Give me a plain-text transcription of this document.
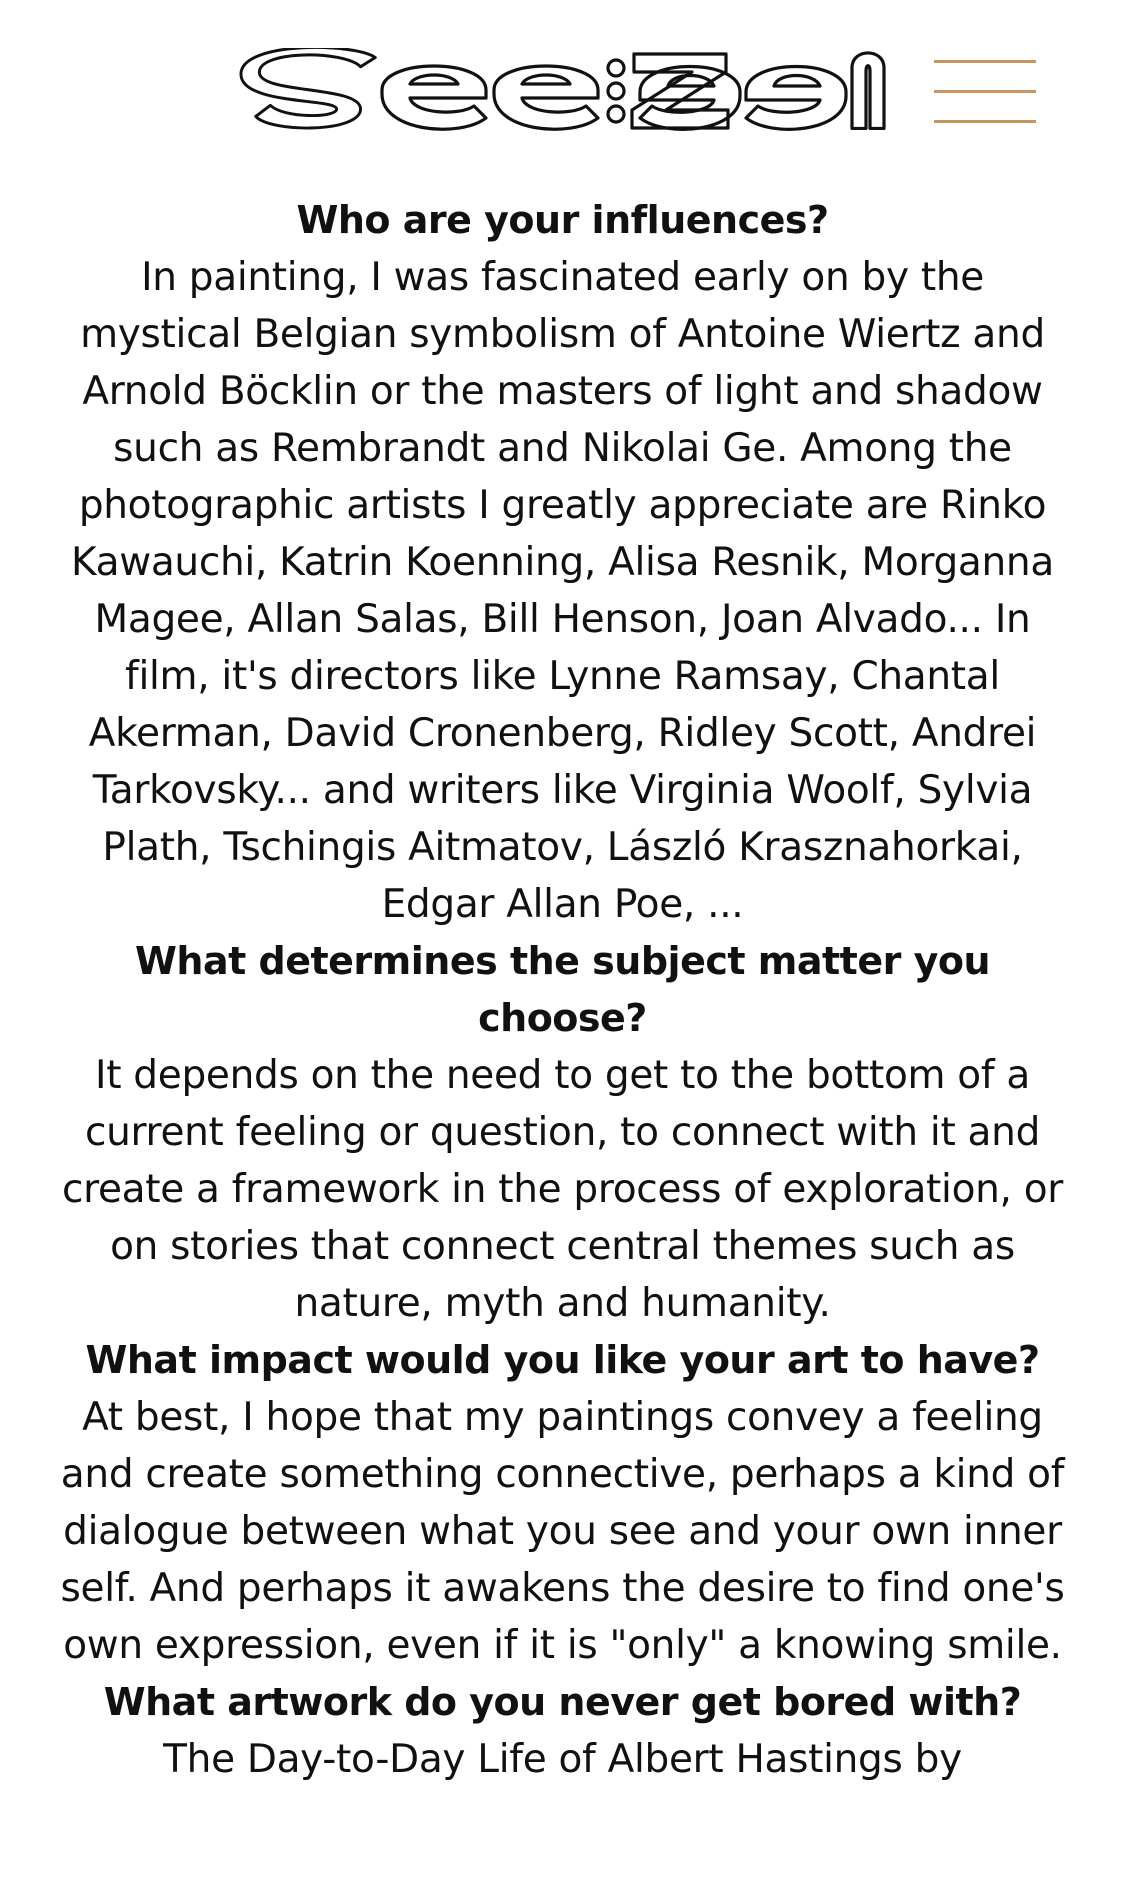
Who are your influences?

In painting, I was fascinated early on by the mystical Belgian symbolism of Antoine Wiertz and Arnold Böcklin or the masters of light and shadow such as Rembrandt and Nikolai Ge. Among the photographic artists I greatly appreciate are Rinko Kawauchi, Katrin Koenning, Alisa Resnik, Morganna Magee, Allan Salas, Bill Henson, Joan Alvado... In film, it's directors like Lynne Ramsay, Chantal Akerman, David Cronenberg, Ridley Scott, Andrei Tarkovsky... and writers like Virginia Woolf, Sylvia Plath, Tschingis Aitmatov, László Krasznahorkai, Edgar Allan Poe, ...

What determines the subject matter you choose?

It depends on the need to get to the bottom of a current feeling or question, to connect with it and create a framework in the process of exploration, or on stories that connect central themes such as nature, myth and humanity.

What impact would you like your art to have?

At best, I hope that my paintings convey a feeling and create something connective, perhaps a kind of dialogue between what you see and your own inner self. And perhaps it awakens the desire to find one's own expression, even if it is "only" a knowing smile.

What artwork do you never get bored with?

The Day-to-Day Life of Albert Hastings by
